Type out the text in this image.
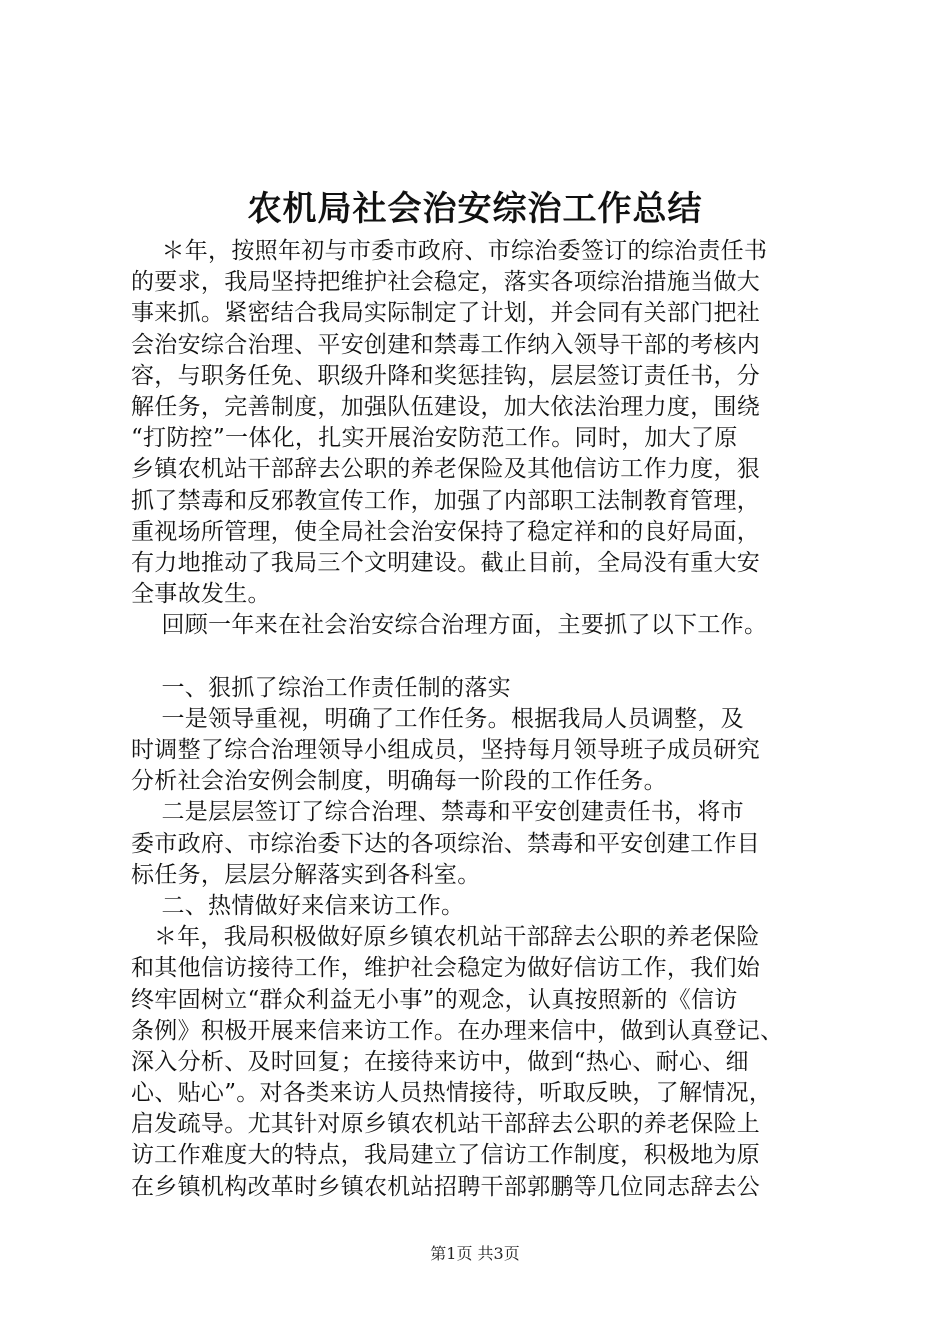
农机局社会治安综治工作总结
＊年，按照年初与市委市政府、市综治委签订的综治责任书
的要求，我局坚持把维护社会稳定，落实各项综治措施当做大
事来抓。紧密结合我局实际制定了计划，并会同有关部门把社
会治安综合治理、平安创建和禁毒工作纳入领导干部的考核内
容，与职务任免、职级升降和奖惩挂钩，层层签订责任书，分
解任务，完善制度，加强队伍建设，加大依法治理力度，围绕
“打防控”一体化，扎实开展治安防范工作。同时，加大了原
乡镇农机站干部辞去公职的养老保险及其他信访工作力度，狠
抓了禁毒和反邪教宣传工作，加强了内部职工法制教育管理，
重视场所管理，使全局社会治安保持了稳定祥和的良好局面，
有力地推动了我局三个文明建设。截止目前，全局没有重大安
全事故发生。
回顾一年来在社会治安综合治理方面，主要抓了以下工作。
一、狠抓了综治工作责任制的落实
一是领导重视，明确了工作任务。根据我局人员调整，及
时调整了综合治理领导小组成员，坚持每月领导班子成员研究
分析社会治安例会制度，明确每一阶段的工作任务。
二是层层签订了综合治理、禁毒和平安创建责任书，将市
委市政府、市综治委下达的各项综治、禁毒和平安创建工作目
标任务，层层分解落实到各科室。
二、热情做好来信来访工作。
＊年，我局积极做好原乡镇农机站干部辞去公职的养老保险
和其他信访接待工作，维护社会稳定为做好信访工作，我们始
终牢固树立“群众利益无小事”的观念，认真按照新的《信访
条例》积极开展来信来访工作。在办理来信中，做到认真登记、
深入分析、及时回复；在接待来访中，做到“热心、耐心、细
心、贴心”。对各类来访人员热情接待，听取反映，了解情况，
启发疏导。尤其针对原乡镇农机站干部辞去公职的养老保险上
访工作难度大的特点，我局建立了信访工作制度，积极地为原
在乡镇机构改革时乡镇农机站招聘干部郭鹏等几位同志辞去公
第1页 共3页
